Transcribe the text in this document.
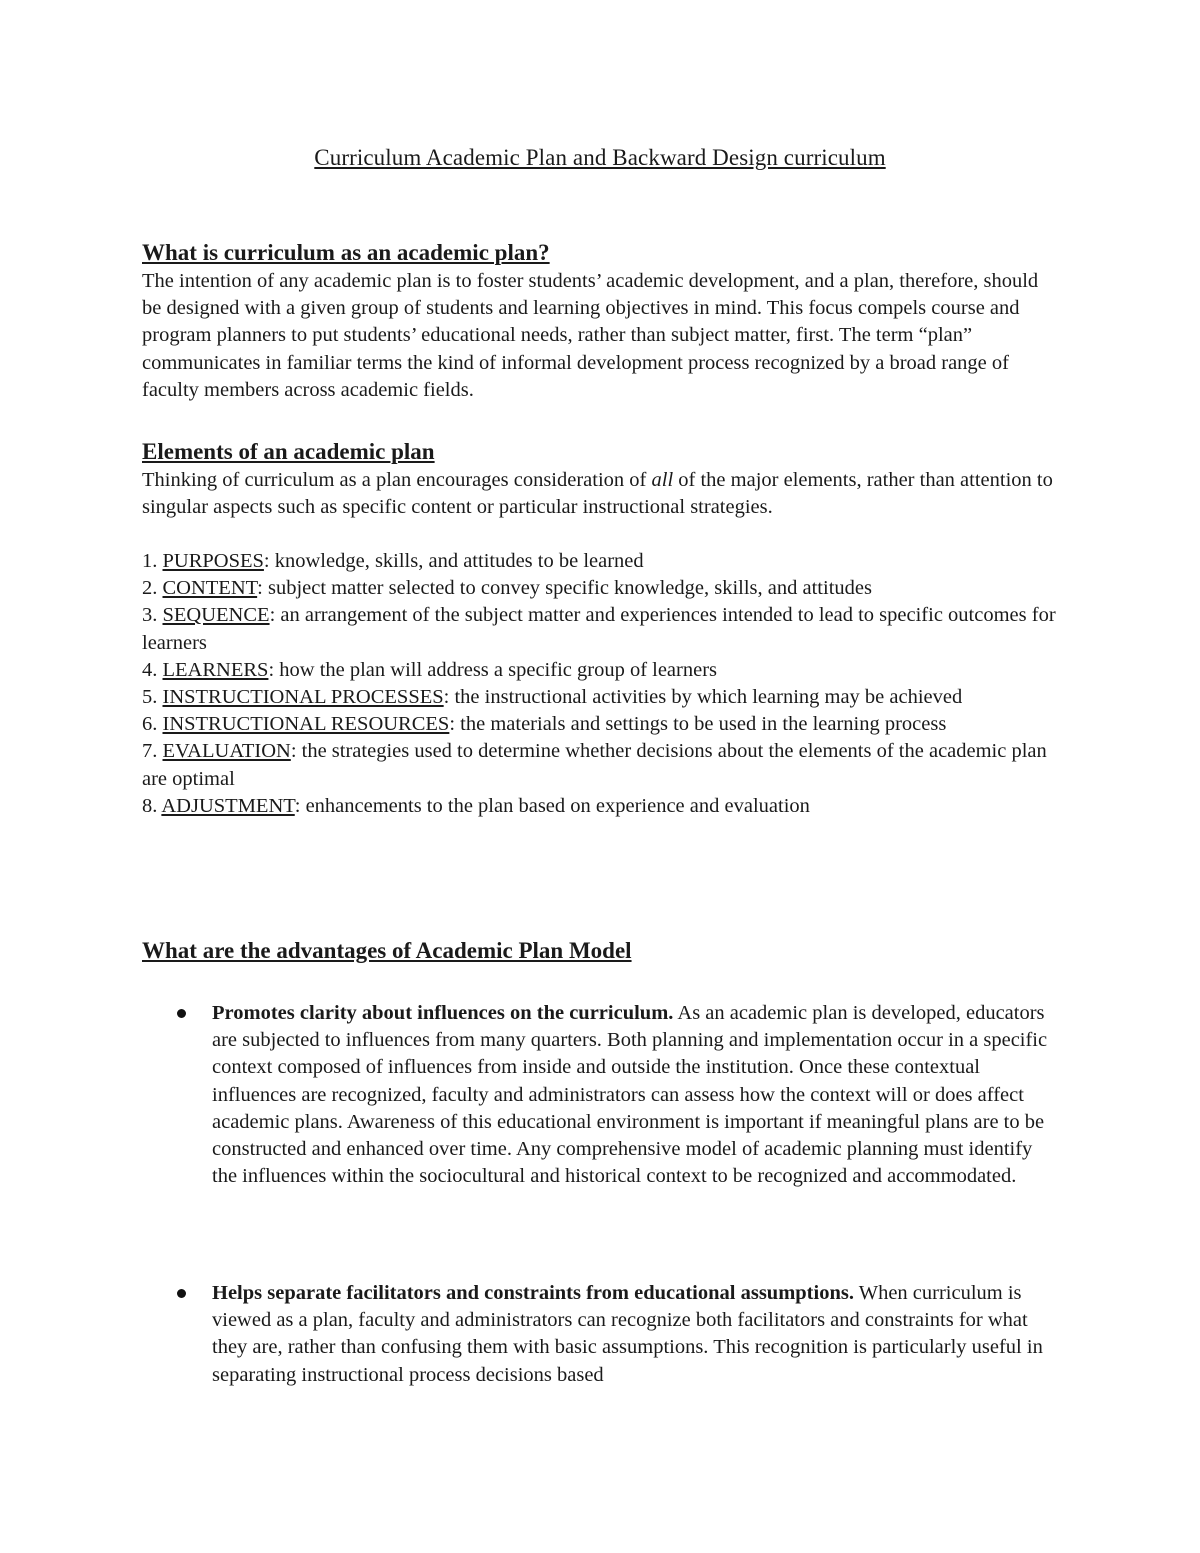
Curriculum Academic Plan and Backward Design curriculum
What is curriculum as an academic plan?

The intention of any academic plan is to foster students’ academic development, and a plan, therefore, should be designed with a given group of students and learning objectives in mind. This focus compels course and program planners to put students’ educational needs, rather than subject matter, first. The term “plan” communicates in familiar terms the kind of informal development process recognized by a broad range of faculty members across academic fields.

Elements of an academic plan

Thinking of curriculum as a plan encourages consideration of all of the major elements, rather than attention to singular aspects such as specific content or particular instructional strategies.

1. PURPOSES: knowledge, skills, and attitudes to be learned

2. CONTENT: subject matter selected to convey specific knowledge, skills, and attitudes

3. SEQUENCE: an arrangement of the subject matter and experiences intended to lead to specific outcomes for learners

4. LEARNERS: how the plan will address a specific group of learners

5. INSTRUCTIONAL PROCESSES: the instructional activities by which learning may be achieved

6. INSTRUCTIONAL RESOURCES: the materials and settings to be used in the learning process

7. EVALUATION: the strategies used to determine whether decisions about the elements of the academic plan are optimal

8. ADJUSTMENT: enhancements to the plan based on experience and evaluation

What are the advantages of Academic Plan Model
Promotes clarity about influences on the curriculum. As an academic plan is developed, educators are subjected to influences from many quarters. Both planning and implementation occur in a specific context composed of influences from inside and outside the institution. Once these contextual influences are recognized, faculty and administrators can assess how the context will or does affect academic plans. Awareness of this educational environment is important if meaningful plans are to be constructed and enhanced over time. Any comprehensive model of academic planning must identify the influences within the sociocultural and historical context to be recognized and accommodated.
Helps separate facilitators and constraints from educational assumptions. When curriculum is viewed as a plan, faculty and administrators can recognize both facilitators and constraints for what they are, rather than confusing them with basic assumptions. This recognition is particularly useful in separating instructional process decisions based
